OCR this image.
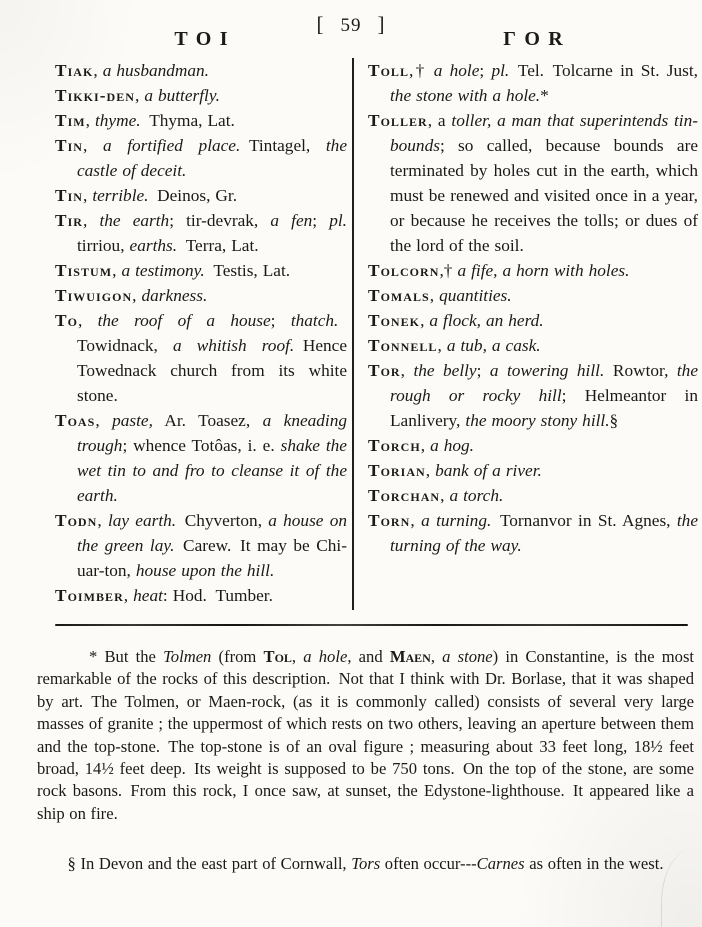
[ 59 ]
TOI

Tiak, a husbandman.

Tikki-den, a butterfly.

Tim, thyme. Thyma, Lat.

Tin, a fortified place. Tintagel, the castle of deceit.

Tin, terrible. Deinos, Gr.

Tir, the earth; tir-devrak, a fen; pl. tirriou, earths. Terra, Lat.

Tistum, a testimony. Testis, Lat.

Tiwuigon, darkness.

To, the roof of a house; thatch. Towidnack, a whitish roof. Hence Towednack church from its white stone.

Toas, paste, Ar. Toasez, a kneading trough; whence Totôas, i. e. shake the wet tin to and fro to cleanse it of the earth.

Todn, lay earth. Chyverton, a house on the green lay. Carew. It may be Chi-uar-ton, house upon the hill.

Toimber, heat: Hod. Tumber.

ΓOR

Toll,† a hole; pl. Tel. Tolcarne in St. Just, the stone with a hole.*

Toller, a toller, a man that superintends tin-bounds; so called, because bounds are terminated by holes cut in the earth, which must be renewed and visited once in a year, or because he receives the tolls; or dues of the lord of the soil.

Tolcorn,† a fife, a horn with holes.

Tomals, quantities.

Tonek, a flock, an herd.

Tonnell, a tub, a cask.

Tor, the belly; a towering hill. Rowtor, the rough or rocky hill; Helmeantor in Lanlivery, the moory stony hill.§

Torch, a hog.

Torian, bank of a river.

Torchan, a torch.

Torn, a turning. Tornanvor in St. Agnes, the turning of the way.

* But the Tolmen (from Tol, a hole, and Maen, a stone) in Constantine, is the most remarkable of the rocks of this description. Not that I think with Dr. Borlase, that it was shaped by art. The Tolmen, or Maen-rock, (as it is commonly called) consists of several very large masses of granite ; the uppermost of which rests on two others, leaving an aperture between them and the top-stone. The top-stone is of an oval figure ; measuring about 33 feet long, 18½ feet broad, 14½ feet deep. Its weight is supposed to be 750 tons. On the top of the stone, are some rock basons. From this rock, I once saw, at sunset, the Edystone-lighthouse. It appeared like a ship on fire.

§ In Devon and the east part of Cornwall, Tors often occur---Carnes as often in the west.
